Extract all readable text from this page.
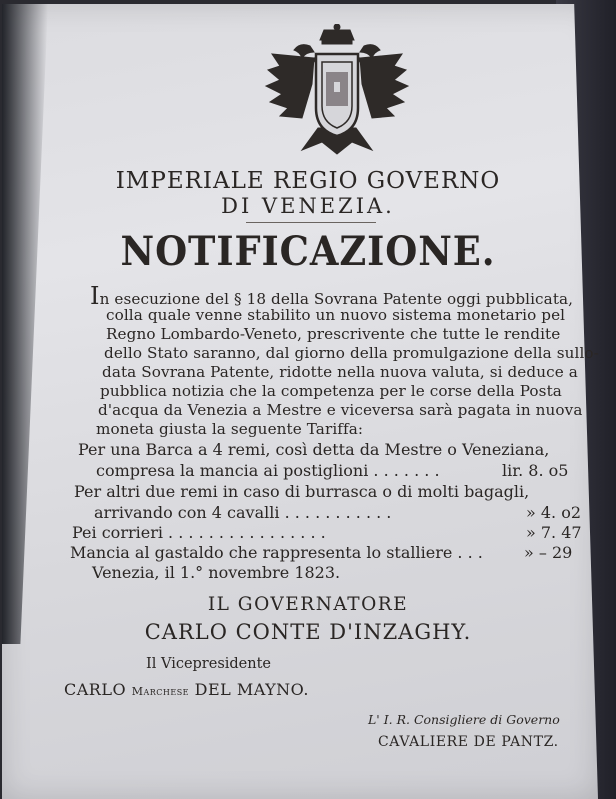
IMPERIALE REGIO GOVERNO
DI VENEZIA.
NOTIFICAZIONE.
In esecuzione del § 18 della Sovrana Patente oggi pubblicata,
colla quale venne stabilito un nuovo sistema monetario pel
Regno Lombardo-Veneto, prescrivente che tutte le rendite
dello Stato saranno, dal giorno della promulgazione della sullo-
data Sovrana Patente, ridotte nella nuova valuta, si deduce a
pubblica notizia che la competenza per le corse della Posta
d'acqua da Venezia a Mestre e viceversa sarà pagata in nuova
moneta giusta la seguente Tariffa:
Per una Barca a 4 remi, così detta da Mestre o Veneziana,
compresa la mancia ai postiglioni . . . . . . .	lir. 8. o5
Per altri due remi in caso di burrasca o di molti bagagli,
arrivando con 4 cavalli . . . . . . . . . . .	» 4. o2
Pei corrieri . . . . . . . . . . . . . . . .	» 7. 47
Mancia al gastaldo che rappresenta lo stalliere . . .	» – 29
Venezia, il 1.° novembre 1823.
IL GOVERNATORE
CARLO CONTE D'INZAGHY.
Il Vicepresidente
CARLO Marchese DEL MAYNO.
L' I. R. Consigliere di Governo
CAVALIERE DE PANTZ.
